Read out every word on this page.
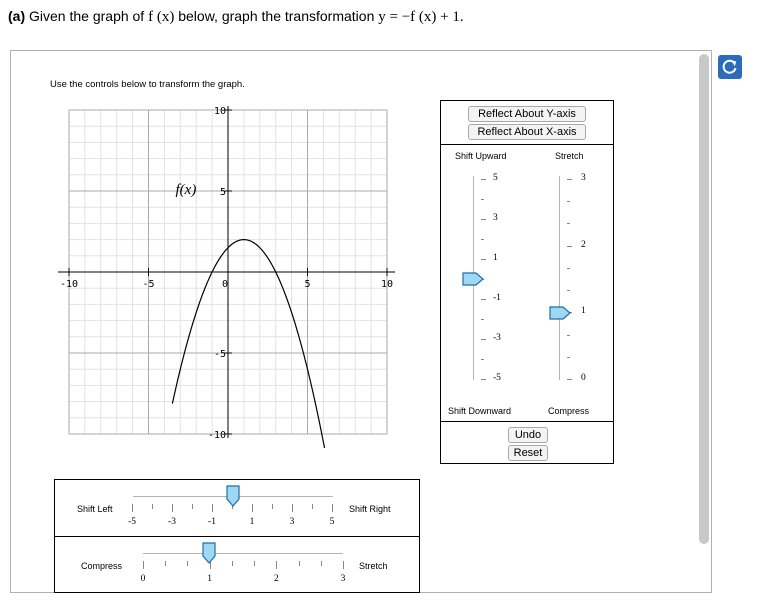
(a) Given the graph of f (x) below, graph the transformation y = −f (x) + 1.
Use the controls below to transform the graph.
-10	-5	0	5	10
10
5
-5
-10
f(x)
Reflect About Y-axis
Reflect About X-axis
Shift Upward	Stretch
5
3
1
-1
-3
-5
3
2
1
0
Shift Downward	Compress
Undo
Reset
Shift Left	Shift Right
-5	-3	-1	1	3	5
Compress	Stretch
0	1	2	3
